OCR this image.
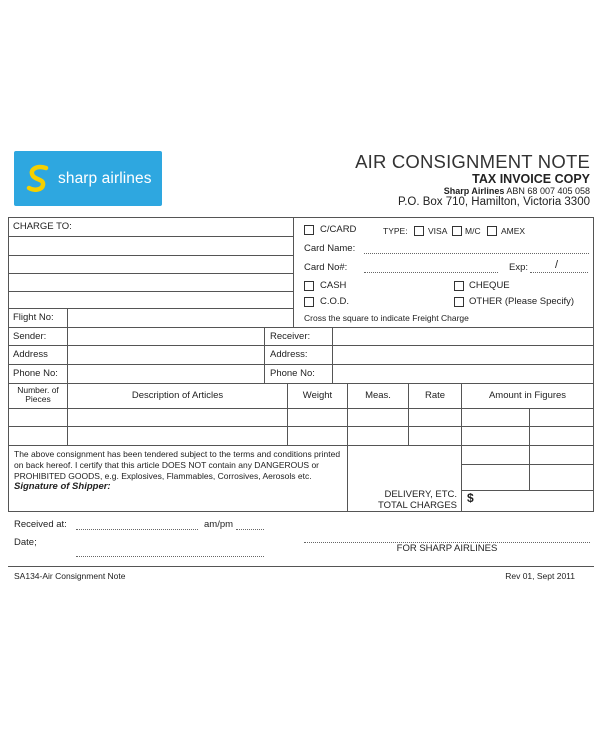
sharp airlines
AIR CONSIGNMENT NOTE
TAX INVOICE COPY
Sharp Airlines ABN 68 007 405 058
P.O. Box 710, Hamilton, Victoria 3300
CHARGE TO:
Flight No:
C/CARD	TYPE: VISA M/C AMEX
Card Name:
Card No#:	Exp: /
CASH	CHEQUE
C.O.D.	OTHER (Please Specify)
Cross the square to indicate Freight Charge
Sender:	Receiver:
Address	Address:
Phone No:	Phone No:
Number. of Pieces	Description of Articles	Weight	Meas.	Rate	Amount in Figures
The above consignment has been tendered subject to the terms and conditions printed
on back hereof. I certify that this article DOES NOT contain any DANGEROUS or
PROHIBITED GOODS, e.g. Explosives, Flammables, Corrosives, Aerosols etc.
Signature of Shipper:
DELIVERY, ETC.
TOTAL CHARGES
$
Received at:	am/pm
Date;
FOR SHARP AIRLINES
SA134-Air Consignment Note	Rev 01, Sept 2011
